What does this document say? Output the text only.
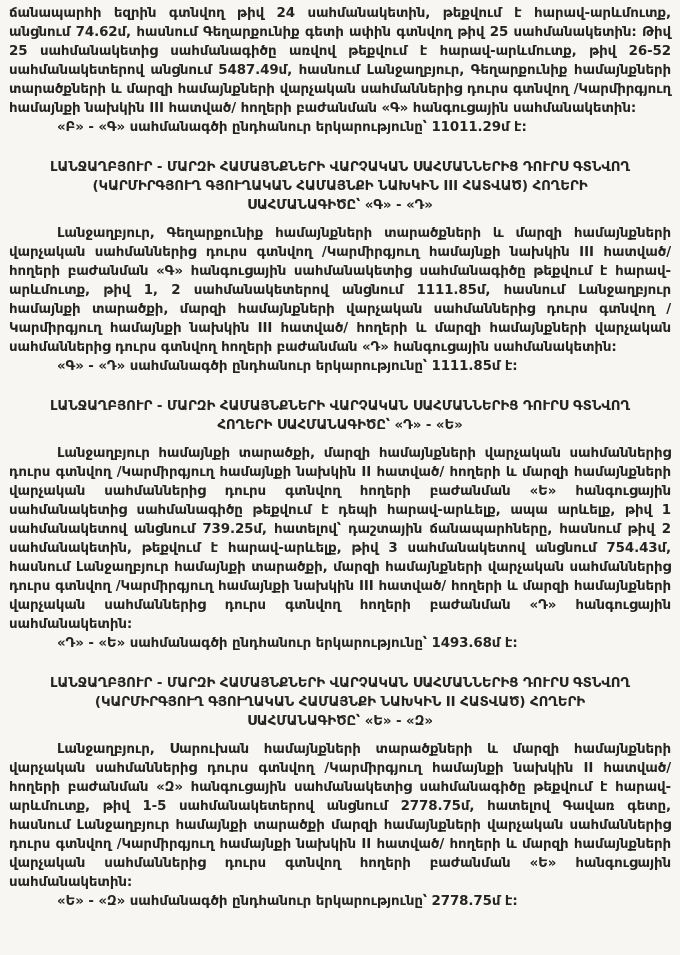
ճանապարհի եզրին գտնվող թիվ 24 սահմանակետին, թեքվում է հարավ-արևմուտք, անցնում 74.62մ, հասնում Գեղարքունիք գետի ափին գտնվող թիվ 25 սահմանակետին: Թիվ 25 սահմանակետից սահմանագիծը առվով թեքվում է հարավ-արևմուտք, թիվ 26-52 սահմանակետերով անցնում 5487.49մ, հասնում Լանջաղբյուր, Գեղարքունիք համայնքների տարածքների և մարզի համայնքների վարչական սահմաններից դուրս գտնվող /Կարմիրգյուղ համայնքի նախկին III հատված/ հողերի բաժանման «Գ» հանգուցային սահմանակետին:

«Բ» - «Գ» սահմանագծի ընդհանուր երկարությունը՝ 11011.29մ է:

ԼԱՆՋԱՂԲՅՈՒՐ - ՄԱՐԶԻ ՀԱՄԱՅՆՔՆԵՐԻ ՎԱՐՉԱԿԱՆ ՍԱՀՄԱՆՆԵՐԻՑ ԴՈՒՐՍ ԳՏՆՎՈՂ (ԿԱՐՄԻՐԳՅՈՒՂ ԳՅՈՒՂԱԿԱՆ ՀԱՄԱՅՆՔԻ ՆԱԽԿԻՆ III ՀԱՏՎԱԾ) ՀՈՂԵՐԻ ՍԱՀՄԱՆԱԳԻԾԸ՝ «Գ» - «Դ»

Լանջաղբյուր, Գեղարքունիք համայնքների տարածքների և մարզի համայնքների վարչական սահմաններից դուրս գտնվող /Կարմիրգյուղ համայնքի նախկին III հատված/ հողերի բաժանման «Գ» հանգուցային սահմանակետից սահմանագիծը թեքվում է հարավ-արևմուտք, թիվ 1, 2 սահմանակետերով անցնում 1111.85մ, հասնում Լանջաղբյուր համայնքի տարածքի, մարզի համայնքների վարչական սահմաններից դուրս գտնվող /Կարմիրգյուղ համայնքի նախկին III հատված/ հողերի և մարզի համայնքների վարչական սահմաններից դուրս գտնվող հողերի բաժանման «Դ» հանգուցային սահմանակետին:

«Գ» - «Դ» սահմանագծի ընդհանուր երկարությունը՝ 1111.85մ է:

ԼԱՆՋԱՂԲՅՈՒՐ - ՄԱՐԶԻ ՀԱՄԱՅՆՔՆԵՐԻ ՎԱՐՉԱԿԱՆ ՍԱՀՄԱՆՆԵՐԻՑ ԴՈՒՐՍ ԳՏՆՎՈՂ ՀՈՂԵՐԻ ՍԱՀՄԱՆԱԳԻԾԸ՝ «Դ» - «Ե»

Լանջաղբյուր համայնքի տարածքի, մարզի համայնքների վարչական սահմաններից դուրս գտնվող /Կարմիրգյուղ համայնքի նախկին II հատված/ հողերի և մարզի համայնքների վարչական սահմաններից դուրս գտնվող հողերի բաժանման «Ե» հանգուցային սահմանակետից սահմանագիծը թեքվում է դեպի հարավ-արևելք, ապա արևելք, թիվ 1 սահմանակետով անցնում 739.25մ, հատելով՝ դաշտային ճանապարհները, հասնում թիվ 2 սահմանակետին, թեքվում է հարավ-արևելք, թիվ 3 սահմանակետով անցնում 754.43մ, հասնում Լանջաղբյուր համայնքի տարածքի, մարզի համայնքների վարչական սահմաններից դուրս գտնվող /Կարմիրգյուղ համայնքի նախկին III հատված/ հողերի և մարզի համայնքների վարչական սահմաններից դուրս գտնվող հողերի բաժանման «Դ» հանգուցային սահմանակետին:

«Դ» - «Ե» սահմանագծի ընդհանուր երկարությունը՝ 1493.68մ է:

ԼԱՆՋԱՂԲՅՈՒՐ - ՄԱՐԶԻ ՀԱՄԱՅՆՔՆԵՐԻ ՎԱՐՉԱԿԱՆ ՍԱՀՄԱՆՆԵՐԻՑ ԴՈՒՐՍ ԳՏՆՎՈՂ (ԿԱՐՄԻՐԳՅՈՒՂ ԳՅՈՒՂԱԿԱՆ ՀԱՄԱՅՆՔԻ ՆԱԽԿԻՆ II ՀԱՏՎԱԾ) ՀՈՂԵՐԻ ՍԱՀՄԱՆԱԳԻԾԸ՝ «Ե» - «Զ»

Լանջաղբյուր, Սարուխան համայնքների տարածքների և մարզի համայնքների վարչական սահմաններից դուրս գտնվող /Կարմիրգյուղ համայնքի նախկին II հատված/ հողերի բաժանման «Զ» հանգուցային սահմանակետից սահմանագիծը թեքվում է հարավ-արևմուտք, թիվ 1-5 սահմանակետերով անցնում 2778.75մ, հատելով Գավառ գետը, հասնում Լանջաղբյուր համայնքի տարածքի մարզի համայնքների վարչական սահմաններից դուրս գտնվող /Կարմիրգյուղ համայնքի նախկին II հատված/ հողերի և մարզի համայնքների վարչական սահմաններից դուրս գտնվող հողերի բաժանման «Ե» հանգուցային սահմանակետին:

«Ե» - «Զ» սահմանագծի ընդհանուր երկարությունը՝ 2778.75մ է:
